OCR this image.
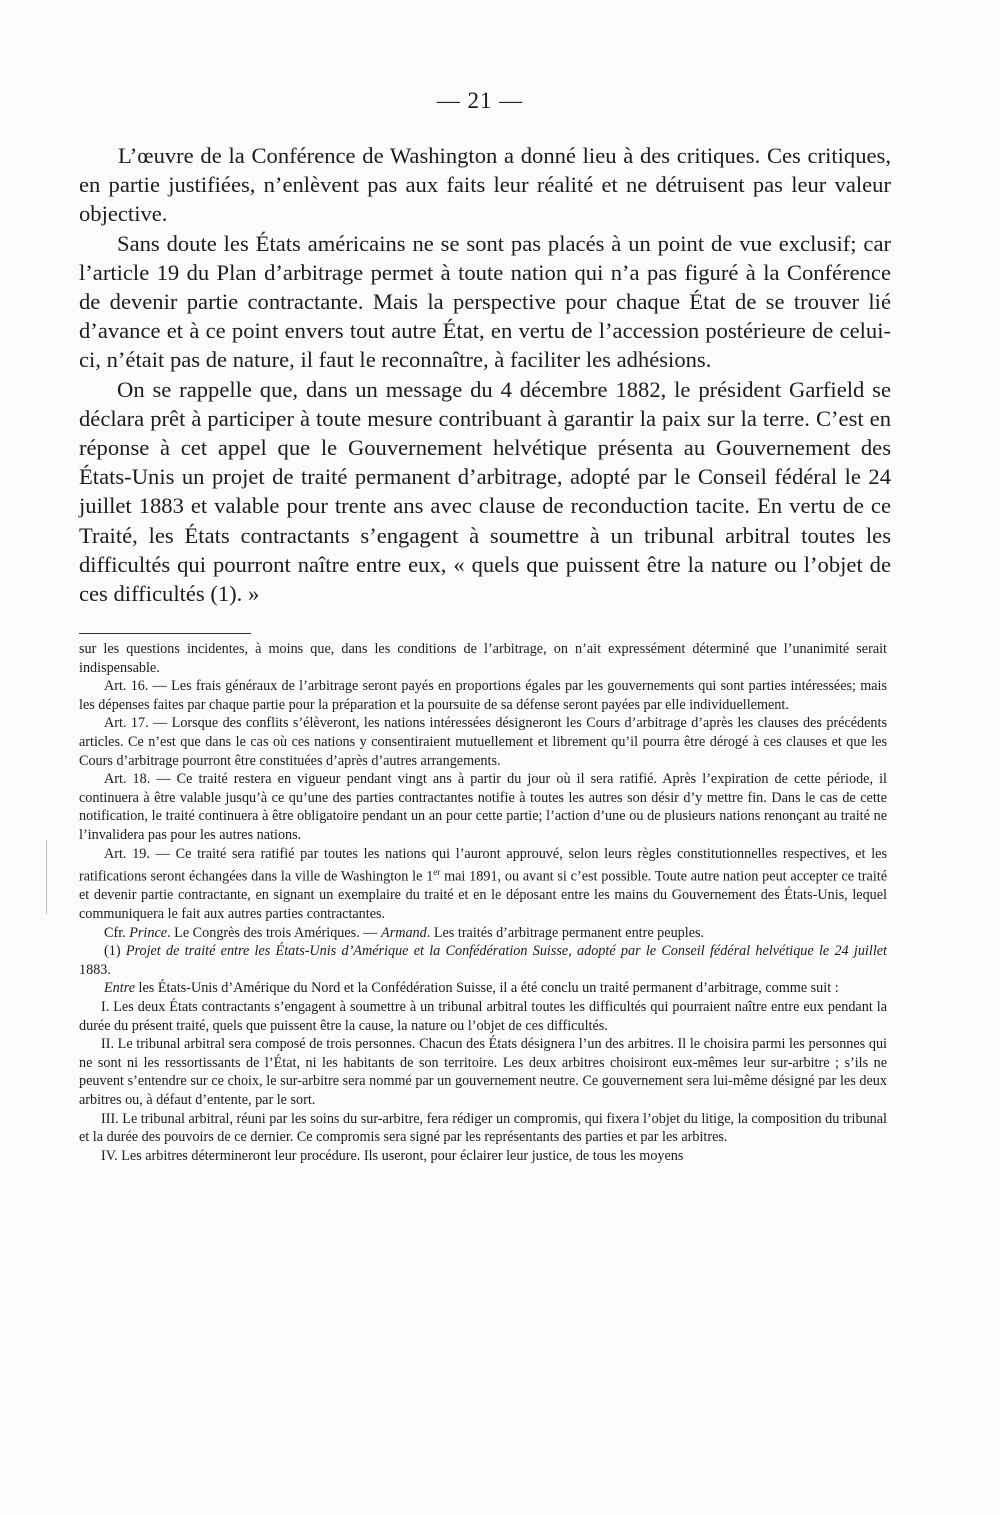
— 21 —

L’œuvre de la Conférence de Washington a donné lieu à des critiques. Ces critiques, en partie justifiées, n’enlèvent pas aux faits leur réalité et ne détruisent pas leur valeur objective.

Sans doute les États américains ne se sont pas placés à un point de vue exclusif; car l’article 19 du Plan d’arbitrage permet à toute nation qui n’a pas figuré à la Conférence de devenir partie contractante. Mais la perspective pour chaque État de se trouver lié d’avance et à ce point envers tout autre État, en vertu de l’accession postérieure de celui-ci, n’était pas de nature, il faut le reconnaître, à faciliter les adhésions.

On se rappelle que, dans un message du 4 décembre 1882, le président Garfield se déclara prêt à participer à toute mesure contribuant à garantir la paix sur la terre. C’est en réponse à cet appel que le Gouvernement helvétique présenta au Gouvernement des États-Unis un projet de traité permanent d’arbitrage, adopté par le Conseil fédéral le 24 juillet 1883 et valable pour trente ans avec clause de reconduction tacite. En vertu de ce Traité, les États contractants s’engagent à soumettre à un tribunal arbitral toutes les difficultés qui pourront naître entre eux, « quels que puissent être la nature ou l’objet de ces difficultés (1). »

sur les questions incidentes, à moins que, dans les conditions de l’arbitrage, on n’ait expressément déterminé que l’unanimité serait indispensable.

Art. 16. — Les frais généraux de l’arbitrage seront payés en proportions égales par les gouvernements qui sont parties intéressées; mais les dépenses faites par chaque partie pour la préparation et la poursuite de sa défense seront payées par elle individuellement.

Art. 17. — Lorsque des conflits s’élèveront, les nations intéressées désigneront les Cours d’arbitrage d’après les clauses des précédents articles. Ce n’est que dans le cas où ces nations y consentiraient mutuellement et librement qu’il pourra être dérogé à ces clauses et que les Cours d’arbitrage pourront être constituées d’après d’autres arrangements.

Art. 18. — Ce traité restera en vigueur pendant vingt ans à partir du jour où il sera ratifié. Après l’expiration de cette période, il continuera à être valable jusqu’à ce qu’une des parties contractantes notifie à toutes les autres son désir d’y mettre fin. Dans le cas de cette notification, le traité continuera à être obligatoire pendant un an pour cette partie; l’action d’une ou de plusieurs nations renonçant au traité ne l’invalidera pas pour les autres nations.

Art. 19. — Ce traité sera ratifié par toutes les nations qui l’auront approuvé, selon leurs règles constitutionnelles respectives, et les ratifications seront échangées dans la ville de Washington le 1er mai 1891, ou avant si c’est possible. Toute autre nation peut accepter ce traité et devenir partie contractante, en signant un exemplaire du traité et en le déposant entre les mains du Gouvernement des États-Unis, lequel communiquera le fait aux autres parties contractantes.

Cfr. Prince. Le Congrès des trois Amériques. — Armand. Les traités d’arbitrage permanent entre peuples.

(1) Projet de traité entre les États-Unis d’Amérique et la Confédération Suisse, adopté par le Conseil fédéral helvétique le 24 juillet 1883.

Entre les États-Unis d’Amérique du Nord et la Confédération Suisse, il a été conclu un traité permanent d’arbitrage, comme suit :

I. Les deux États contractants s’engagent à soumettre à un tribunal arbitral toutes les difficultés qui pourraient naître entre eux pendant la durée du présent traité, quels que puissent être la cause, la nature ou l’objet de ces difficultés.

II. Le tribunal arbitral sera composé de trois personnes. Chacun des États désignera l’un des arbitres. Il le choisira parmi les personnes qui ne sont ni les ressortissants de l’État, ni les habitants de son territoire. Les deux arbitres choisiront eux-mêmes leur sur-arbitre ; s’ils ne peuvent s’entendre sur ce choix, le sur-arbitre sera nommé par un gouvernement neutre. Ce gouvernement sera lui-même désigné par les deux arbitres ou, à défaut d’entente, par le sort.

III. Le tribunal arbitral, réuni par les soins du sur-arbitre, fera rédiger un compromis, qui fixera l’objet du litige, la composition du tribunal et la durée des pouvoirs de ce dernier. Ce compromis sera signé par les représentants des parties et par les arbitres.

IV. Les arbitres détermineront leur procédure. Ils useront, pour éclairer leur justice, de tous les moyens
